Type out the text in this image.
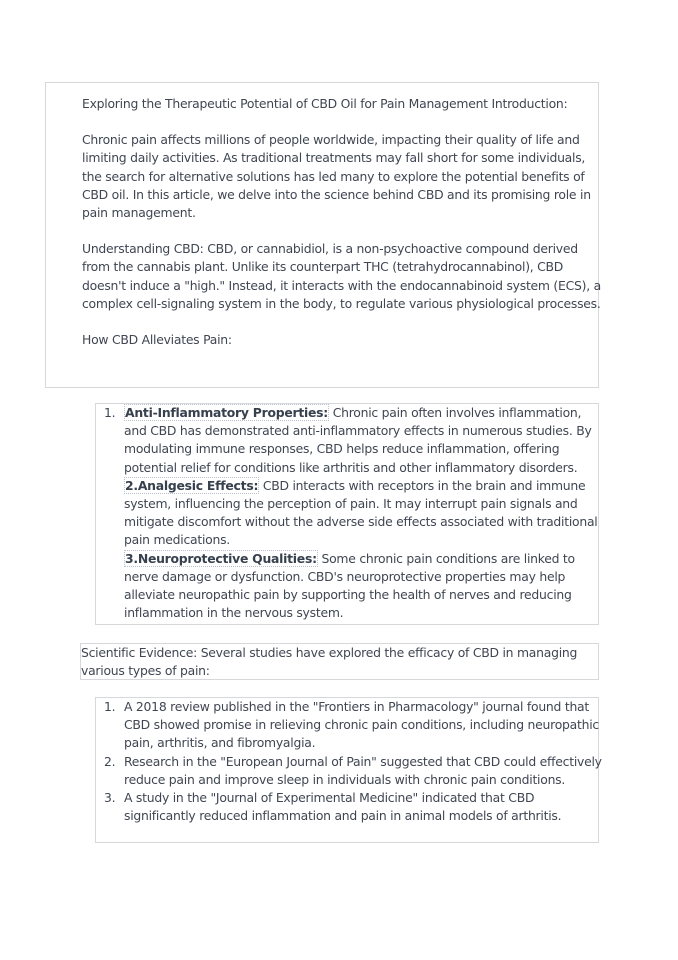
Exploring the Therapeutic Potential of CBD Oil for Pain Management Introduction:

Chronic pain affects millions of people worldwide, impacting their quality of life and limiting daily activities. As traditional treatments may fall short for some individuals, the search for alternative solutions has led many to explore the potential benefits of CBD oil. In this article, we delve into the science behind CBD and its promising role in pain management.

Understanding CBD: CBD, or cannabidiol, is a non-psychoactive compound derived from the cannabis plant. Unlike its counterpart THC (tetrahydrocannabinol), CBD doesn't induce a "high." Instead, it interacts with the endocannabinoid system (ECS), a complex cell-signaling system in the body, to regulate various physiological processes.

How CBD Alleviates Pain:

1. Anti-Inflammatory Properties: Chronic pain often involves inflammation, and CBD has demonstrated anti-inflammatory effects in numerous studies. By modulating immune responses, CBD helps reduce inflammation, offering potential relief for conditions like arthritis and other inflammatory disorders.
2.Analgesic Effects: CBD interacts with receptors in the brain and immune system, influencing the perception of pain. It may interrupt pain signals and mitigate discomfort without the adverse side effects associated with traditional pain medications.
3.Neuroprotective Qualities: Some chronic pain conditions are linked to nerve damage or dysfunction. CBD's neuroprotective properties may help alleviate neuropathic pain by supporting the health of nerves and reducing inflammation in the nervous system.
Scientific Evidence: Several studies have explored the efficacy of CBD in managing various types of pain:
1. A 2018 review published in the "Frontiers in Pharmacology" journal found that CBD showed promise in relieving chronic pain conditions, including neuropathic pain, arthritis, and fibromyalgia.
2. Research in the "European Journal of Pain" suggested that CBD could effectively reduce pain and improve sleep in individuals with chronic pain conditions.
3. A study in the "Journal of Experimental Medicine" indicated that CBD significantly reduced inflammation and pain in animal models of arthritis.
